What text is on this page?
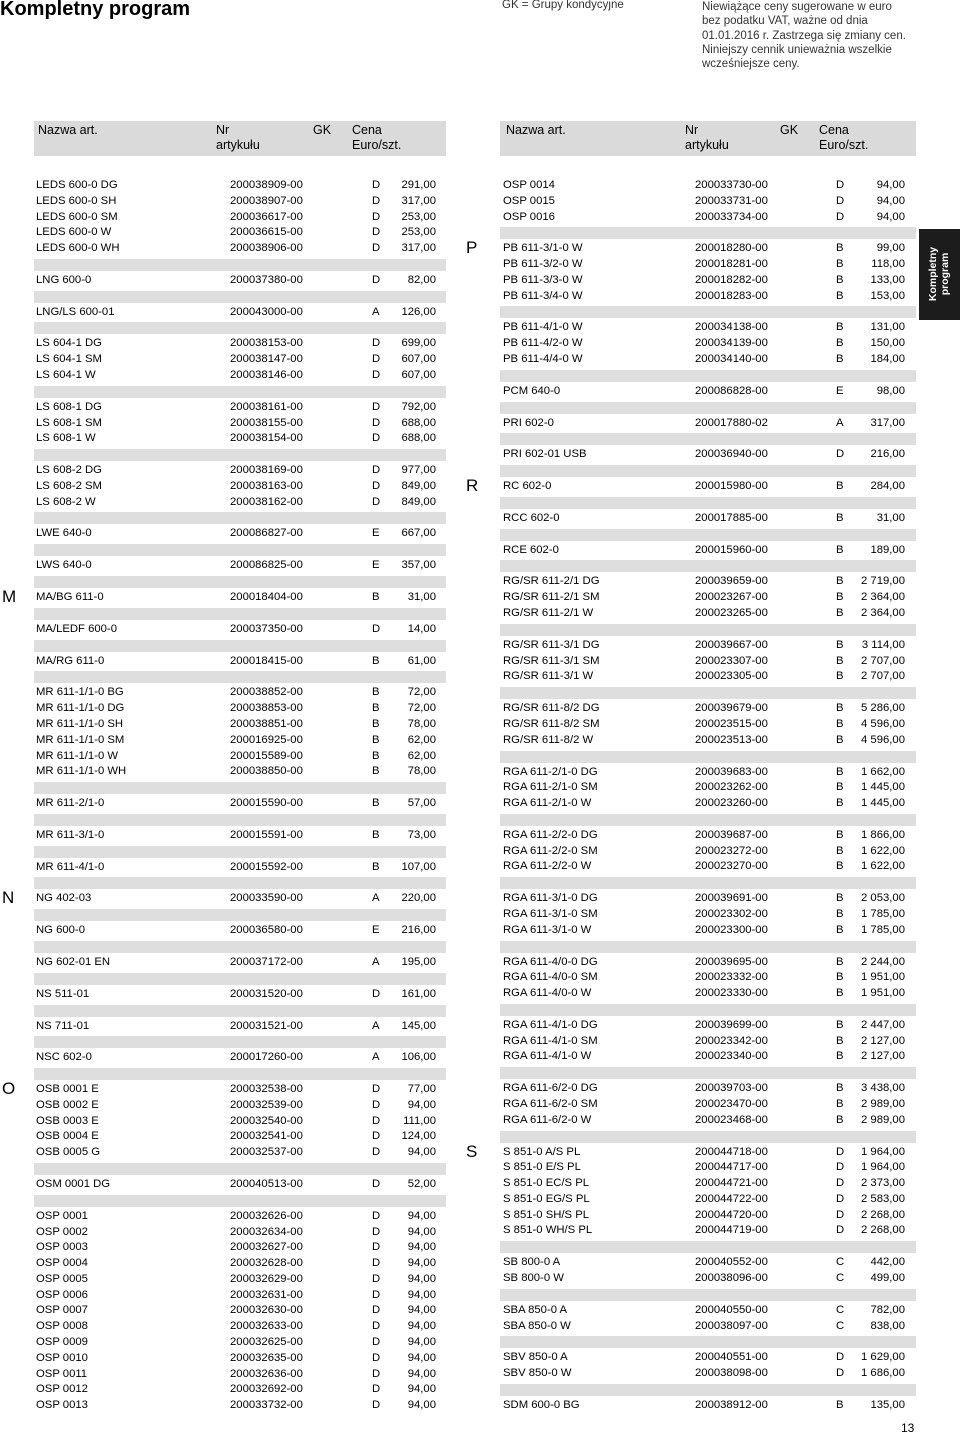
Kompletny program	GK = Grupy kondycyjne	Niewiążące ceny sugerowane w euro
bez podatku VAT, ważne od dnia
01.01.2016 r. Zastrzega się zmiany cen.
Niniejszy cennik unieważnia wszelkie
wcześniejsze ceny.
Nazwa art.	Nr
artykułu
GK Cena
Euro/szt.
Nazwa art.	Nr
artykułu
GK Cena
Euro/szt.
LEDS 600-0 DG	200038909-00	D 291,00
LEDS 600-0 SH	200038907-00	D 317,00
LEDS 600-0 SM	200036617-00	D 253,00
LEDS 600-0 W	200036615-00	D 253,00
LEDS 600-0 WH	200038906-00	D 317,00
LNG 600-0	200037380-00	D 82,00
LNG/LS 600-01	200043000-00	A 126,00
LS 604-1 DG	200038153-00	D 699,00
LS 604-1 SM	200038147-00	D 607,00
LS 604-1 W	200038146-00	D 607,00
LS 608-1 DG	200038161-00	D 792,00
LS 608-1 SM	200038155-00	D 688,00
LS 608-1 W	200038154-00	D 688,00
LS 608-2 DG	200038169-00	D 977,00
LS 608-2 SM	200038163-00	D 849,00
LS 608-2 W	200038162-00	D 849,00
LWE 640-0	200086827-00	E 667,00
LWS 640-0	200086825-00	E 357,00
MA/BG 611-0	200018404-00	B 31,00
MA/LEDF 600-0	200037350-00	D 14,00
MA/RG 611-0	200018415-00	B 61,00
MR 611-1/1-0 BG	200038852-00	B 72,00
MR 611-1/1-0 DG	200038853-00	B 72,00
MR 611-1/1-0 SH	200038851-00	B 78,00
MR 611-1/1-0 SM	200016925-00	B 62,00
MR 611-1/1-0 W	200015589-00	B 62,00
MR 611-1/1-0 WH	200038850-00	B 78,00
MR 611-2/1-0	200015590-00	B 57,00
MR 611-3/1-0	200015591-00	B 73,00
MR 611-4/1-0	200015592-00	B 107,00
NG 402-03	200033590-00	A 220,00
NG 600-0	200036580-00	E 216,00
NG 602-01 EN	200037172-00	A 195,00
NS 511-01	200031520-00	D 161,00
NS 711-01	200031521-00	A 145,00
NSC 602-0	200017260-00	A 106,00
OSB 0001 E	200032538-00	D 77,00
OSB 0002 E	200032539-00	D 94,00
OSB 0003 E	200032540-00	D 111,00
OSB 0004 E	200032541-00	D 124,00
OSB 0005 G	200032537-00	D 94,00
OSM 0001 DG	200040513-00	D 52,00
OSP 0001	200032626-00	D 94,00
OSP 0002	200032634-00	D 94,00
OSP 0003	200032627-00	D 94,00
OSP 0004	200032628-00	D 94,00
OSP 0005	200032629-00	D 94,00
OSP 0006	200032631-00	D 94,00
OSP 0007	200032630-00	D 94,00
OSP 0008	200032633-00	D 94,00
OSP 0009	200032625-00	D 94,00
OSP 0010	200032635-00	D 94,00
OSP 0011	200032636-00	D 94,00
OSP 0012	200032692-00	D 94,00
OSP 0013	200033732-00	D 94,00
OSP 0014	200033730-00	D	94,00
OSP 0015	200033731-00	D	94,00
OSP 0016	200033734-00	D	94,00
PB 611-3/1-0 W	200018280-00	B	99,00
PB 611-3/2-0 W	200018281-00	B 118,00
PB 611-3/3-0 W	200018282-00	B 133,00
PB 611-3/4-0 W	200018283-00	B 153,00
PB 611-4/1-0 W	200034138-00	B 131,00
PB 611-4/2-0 W	200034139-00	B 150,00
PB 611-4/4-0 W	200034140-00	B 184,00
PCM 640-0	200086828-00	E	98,00
PRI 602-0	200017880-02	A 317,00
PRI 602-01 USB	200036940-00	D 216,00
RC 602-0	200015980-00	B 284,00
RCC 602-0	200017885-00	B	31,00
RCE 602-0	200015960-00	B 189,00
RG/SR 611-2/1 DG	200039659-00	B 2 719,00
RG/SR 611-2/1 SM	200023267-00	B 2 364,00
RG/SR 611-2/1 W	200023265-00	B 2 364,00
RG/SR 611-3/1 DG	200039667-00	B 3 114,00
RG/SR 611-3/1 SM	200023307-00	B 2 707,00
RG/SR 611-3/1 W	200023305-00	B 2 707,00
RG/SR 611-8/2 DG	200039679-00	B 5 286,00
RG/SR 611-8/2 SM	200023515-00	B 4 596,00
RG/SR 611-8/2 W	200023513-00	B 4 596,00
RGA 611-2/1-0 DG	200039683-00	B 1 662,00
RGA 611-2/1-0 SM	200023262-00	B 1 445,00
RGA 611-2/1-0 W	200023260-00	B 1 445,00
RGA 611-2/2-0 DG	200039687-00	B 1 866,00
RGA 611-2/2-0 SM	200023272-00	B 1 622,00
RGA 611-2/2-0 W	200023270-00	B 1 622,00
RGA 611-3/1-0 DG	200039691-00	B 2 053,00
RGA 611-3/1-0 SM	200023302-00	B 1 785,00
RGA 611-3/1-0 W	200023300-00	B 1 785,00
RGA 611-4/0-0 DG	200039695-00	B 2 244,00
RGA 611-4/0-0 SM	200023332-00	B 1 951,00
RGA 611-4/0-0 W	200023330-00	B 1 951,00
RGA 611-4/1-0 DG	200039699-00	B 2 447,00
RGA 611-4/1-0 SM	200023342-00	B 2 127,00
RGA 611-4/1-0 W	200023340-00	B 2 127,00
RGA 611-6/2-0 DG	200039703-00	B 3 438,00
RGA 611-6/2-0 SM	200023470-00	B 2 989,00
RGA 611-6/2-0 W	200023468-00	B 2 989,00
S 851-0 A/S PL	200044718-00	D 1 964,00
S 851-0 E/S PL	200044717-00	D 1 964,00
S 851-0 EC/S PL	200044721-00	D 2 373,00
S 851-0 EG/S PL	200044722-00	D 2 583,00
S 851-0 SH/S PL	200044720-00	D 2 268,00
S 851-0 WH/S PL	200044719-00	D 2 268,00
SB 800-0 A	200040552-00	C 442,00
SB 800-0 W	200038096-00	C 499,00
SBA 850-0 A	200040550-00	C 782,00
SBA 850-0 W	200038097-00	C 838,00
SBV 850-0 A	200040551-00	D 1 629,00
SBV 850-0 W	200038098-00	D 1 686,00
SDM 600-0 BG	200038912-00	B 135,00
M
N
O
P
R
S
Kompletny
program
13
